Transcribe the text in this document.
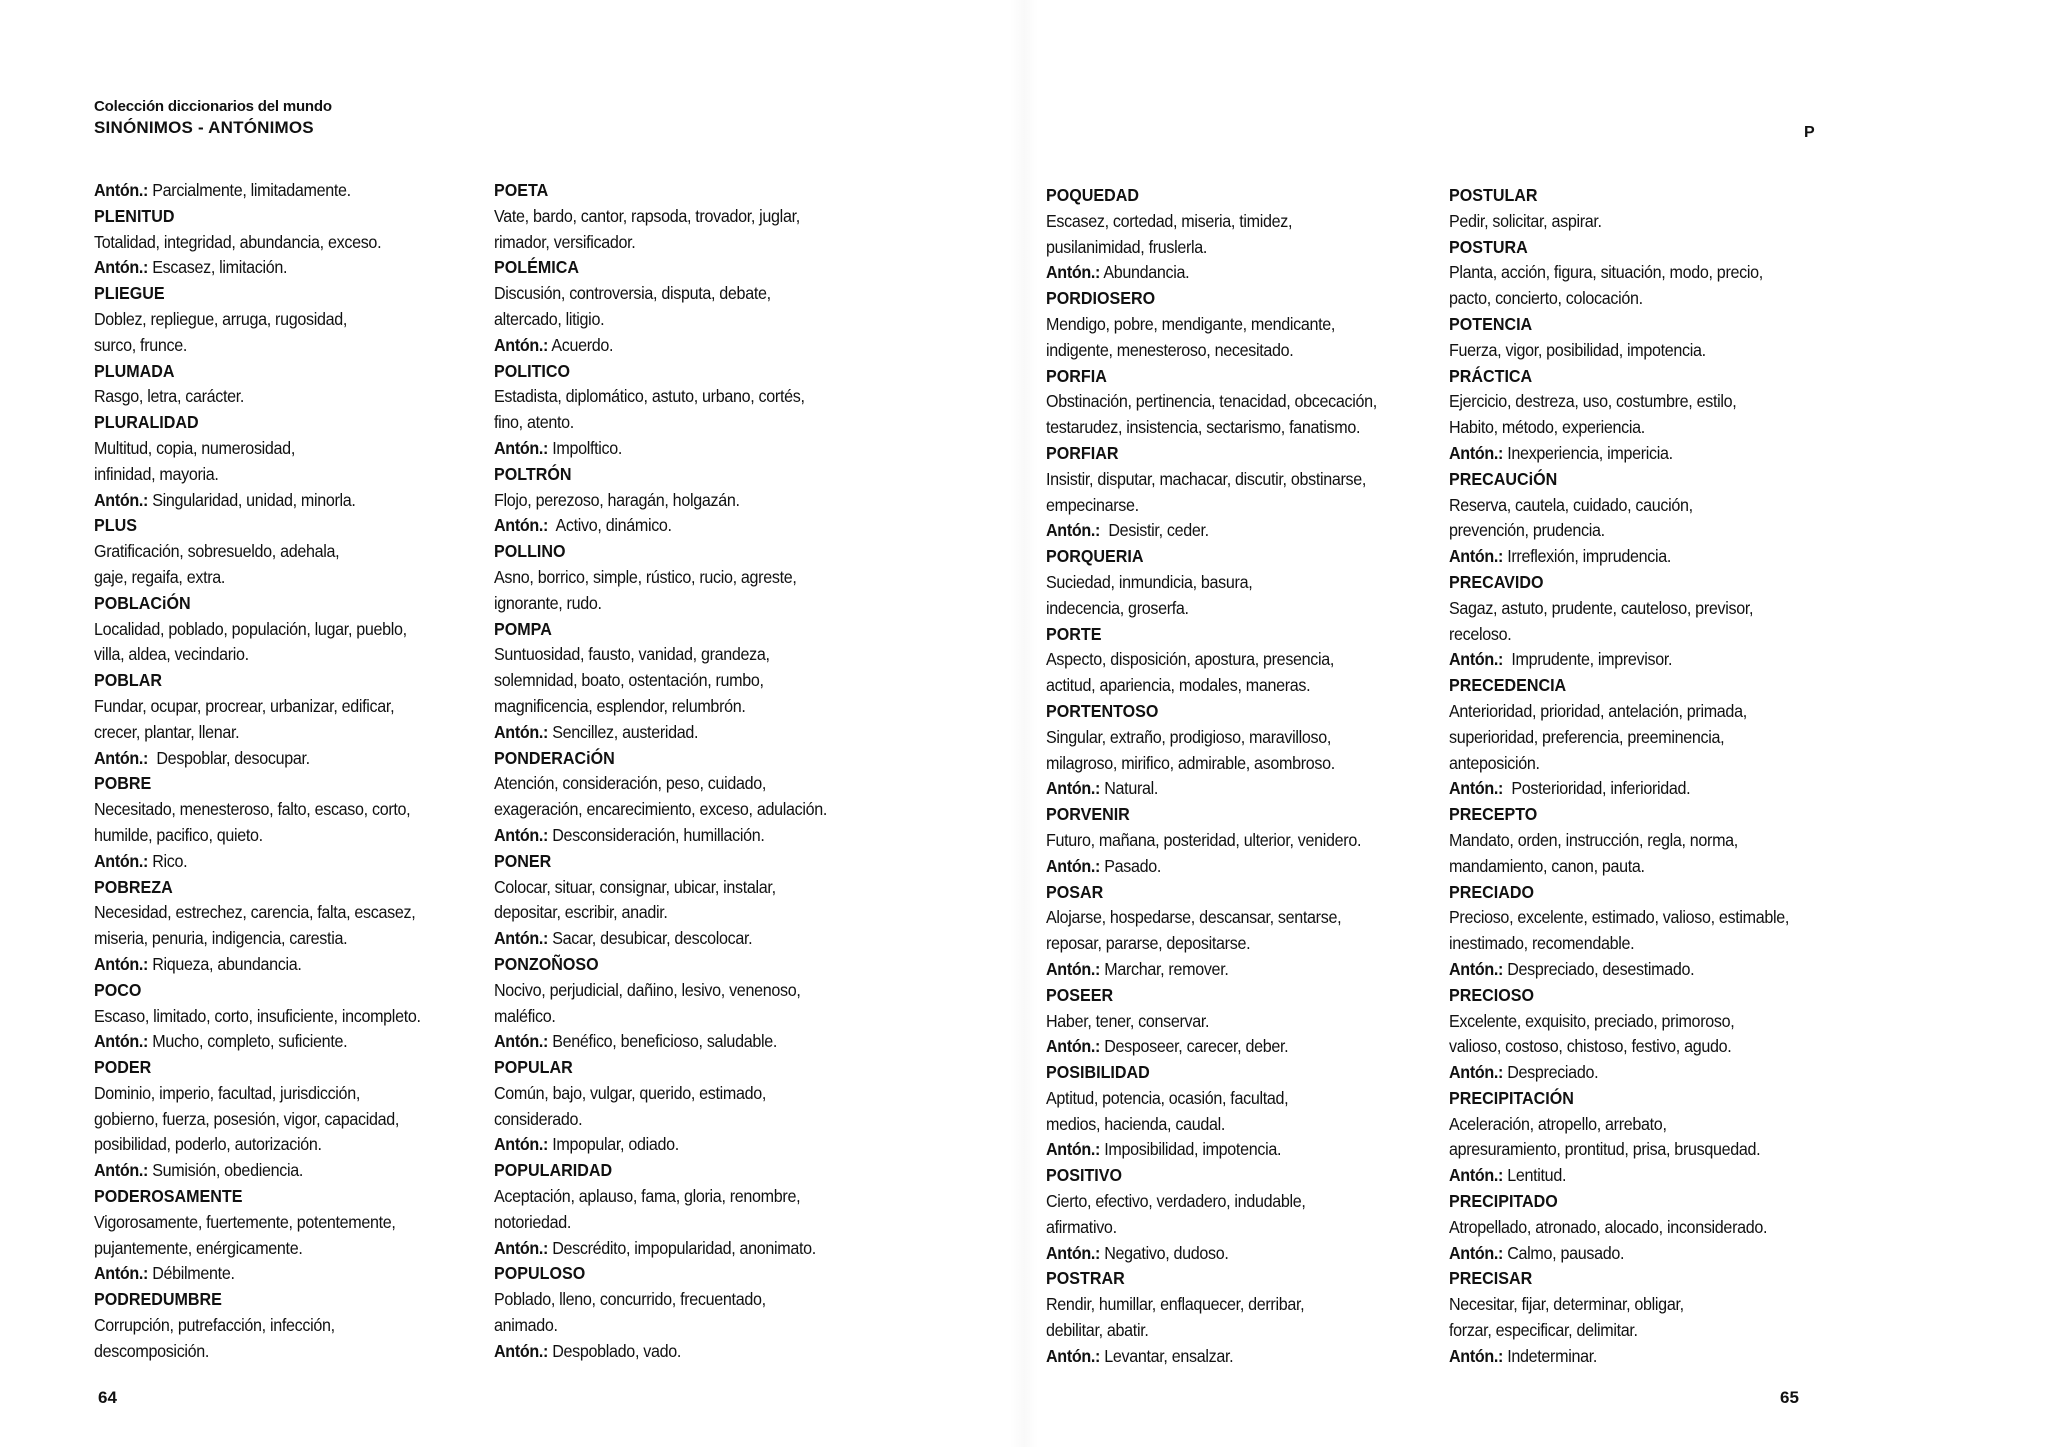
Colección diccionarios del mundo
SINÓNIMOS - ANTÓNIMOS
Antón.: Parcialmente, limitadamente.
PLENITUD
Totalidad, integridad, abundancia, exceso.
Antón.: Escasez, limitación.
PLIEGUE
Doblez, repliegue, arruga, rugosidad,
surco, frunce.
PLUMADA
Rasgo, letra, carácter.
PLURALIDAD
Multitud, copia, numerosidad,
infinidad, mayoria.
Antón.: Singularidad, unidad, minorla.
PLUS
Gratificación, sobresueldo, adehala,
gaje, regaifa, extra.
POBLACiÓN
Localidad, poblado, populación, lugar, pueblo,
villa, aldea, vecindario.
POBLAR
Fundar, ocupar, procrear, urbanizar, edificar,
crecer, plantar, llenar.
Antón.:  Despoblar, desocupar.
POBRE
Necesitado, menesteroso, falto, escaso, corto,
humilde, pacifico, quieto.
Antón.: Rico.
POBREZA
Necesidad, estrechez, carencia, falta, escasez,
miseria, penuria, indigencia, carestia.
Antón.: Riqueza, abundancia.
POCO
Escaso, limitado, corto, insuficiente, incompleto.
Antón.: Mucho, completo, suficiente.
PODER
Dominio, imperio, facultad, jurisdicción,
gobierno, fuerza, posesión, vigor, capacidad,
posibilidad, poderlo, autorización.
Antón.: Sumisión, obediencia.
PODEROSAMENTE
Vigorosamente, fuertemente, potentemente,
pujantemente, enérgicamente.
Antón.: Débilmente.
PODREDUMBRE
Corrupción, putrefacción, infección,
descomposición.
POETA
Vate, bardo, cantor, rapsoda, trovador, juglar,
rimador, versificador.
POLÉMICA
Discusión, controversia, disputa, debate,
altercado, litigio.
Antón.: Acuerdo.
POLITICO
Estadista, diplomático, astuto, urbano, cortés,
fino, atento.
Antón.: Impolftico.
POLTRÓN
Flojo, perezoso, haragán, holgazán.
Antón.:  Activo, dinámico.
POLLINO
Asno, borrico, simple, rústico, rucio, agreste,
ignorante, rudo.
POMPA
Suntuosidad, fausto, vanidad, grandeza,
solemnidad, boato, ostentación, rumbo,
magnificencia, esplendor, relumbrón.
Antón.: Sencillez, austeridad.
PONDERACiÓN
Atención, consideración, peso, cuidado,
exageración, encarecimiento, exceso, adulación.
Antón.: Desconsideración, humillación.
PONER
Colocar, situar, consignar, ubicar, instalar,
depositar, escribir, anadir.
Antón.: Sacar, desubicar, descolocar.
PONZOÑOSO
Nocivo, perjudicial, dañino, lesivo, venenoso,
maléfico.
Antón.: Benéfico, beneficioso, saludable.
POPULAR
Común, bajo, vulgar, querido, estimado,
considerado.
Antón.: Impopular, odiado.
POPULARIDAD
Aceptación, aplauso, fama, gloria, renombre,
notoriedad.
Antón.: Descrédito, impopularidad, anonimato.
POPULOSO
Poblado, lleno, concurrido, frecuentado,
animado.
Antón.: Despoblado, vado.
64
P
POQUEDAD
Escasez, cortedad, miseria, timidez,
pusilanimidad, fruslerla.
Antón.: Abundancia.
PORDIOSERO
Mendigo, pobre, mendigante, mendicante,
indigente, menesteroso, necesitado.
PORFIA
Obstinación, pertinencia, tenacidad, obcecación,
testarudez, insistencia, sectarismo, fanatismo.
PORFIAR
Insistir, disputar, machacar, discutir, obstinarse,
empecinarse.
Antón.:  Desistir, ceder.
PORQUERIA
Suciedad, inmundicia, basura,
indecencia, groserfa.
PORTE
Aspecto, disposición, apostura, presencia,
actitud, apariencia, modales, maneras.
PORTENTOSO
Singular, extraño, prodigioso, maravilloso,
milagroso, mirifico, admirable, asombroso.
Antón.: Natural.
PORVENIR
Futuro, mañana, posteridad, ulterior, venidero.
Antón.: Pasado.
POSAR
Alojarse, hospedarse, descansar, sentarse,
reposar, pararse, depositarse.
Antón.: Marchar, remover.
POSEER
Haber, tener, conservar.
Antón.: Desposeer, carecer, deber.
POSIBILIDAD
Aptitud, potencia, ocasión, facultad,
medios, hacienda, caudal.
Antón.: Imposibilidad, impotencia.
POSITIVO
Cierto, efectivo, verdadero, indudable,
afirmativo.
Antón.: Negativo, dudoso.
POSTRAR
Rendir, humillar, enflaquecer, derribar,
debilitar, abatir.
Antón.: Levantar, ensalzar.
POSTULAR
Pedir, solicitar, aspirar.
POSTURA
Planta, acción, figura, situación, modo, precio,
pacto, concierto, colocación.
POTENCIA
Fuerza, vigor, posibilidad, impotencia.
PRÁCTICA
Ejercicio, destreza, uso, costumbre, estilo,
Habito, método, experiencia.
Antón.: Inexperiencia, impericia.
PRECAUCiÓN
Reserva, cautela, cuidado, caución,
prevención, prudencia.
Antón.: Irreflexión, imprudencia.
PRECAVIDO
Sagaz, astuto, prudente, cauteloso, previsor,
receloso.
Antón.:  Imprudente, imprevisor.
PRECEDENCIA
Anterioridad, prioridad, antelación, primada,
superioridad, preferencia, preeminencia,
anteposición.
Antón.:  Posterioridad, inferioridad.
PRECEPTO
Mandato, orden, instrucción, regla, norma,
mandamiento, canon, pauta.
PRECIADO
Precioso, excelente, estimado, valioso, estimable,
inestimado, recomendable.
Antón.: Despreciado, desestimado.
PRECIOSO
Excelente, exquisito, preciado, primoroso,
valioso, costoso, chistoso, festivo, agudo.
Antón.: Despreciado.
PRECIPITACIÓN
Aceleración, atropello, arrebato,
apresuramiento, prontitud, prisa, brusquedad.
Antón.: Lentitud.
PRECIPITADO
Atropellado, atronado, alocado, inconsiderado.
Antón.: Calmo, pausado.
PRECISAR
Necesitar, fijar, determinar, obligar,
forzar, especificar, delimitar.
Antón.: Indeterminar.
65
